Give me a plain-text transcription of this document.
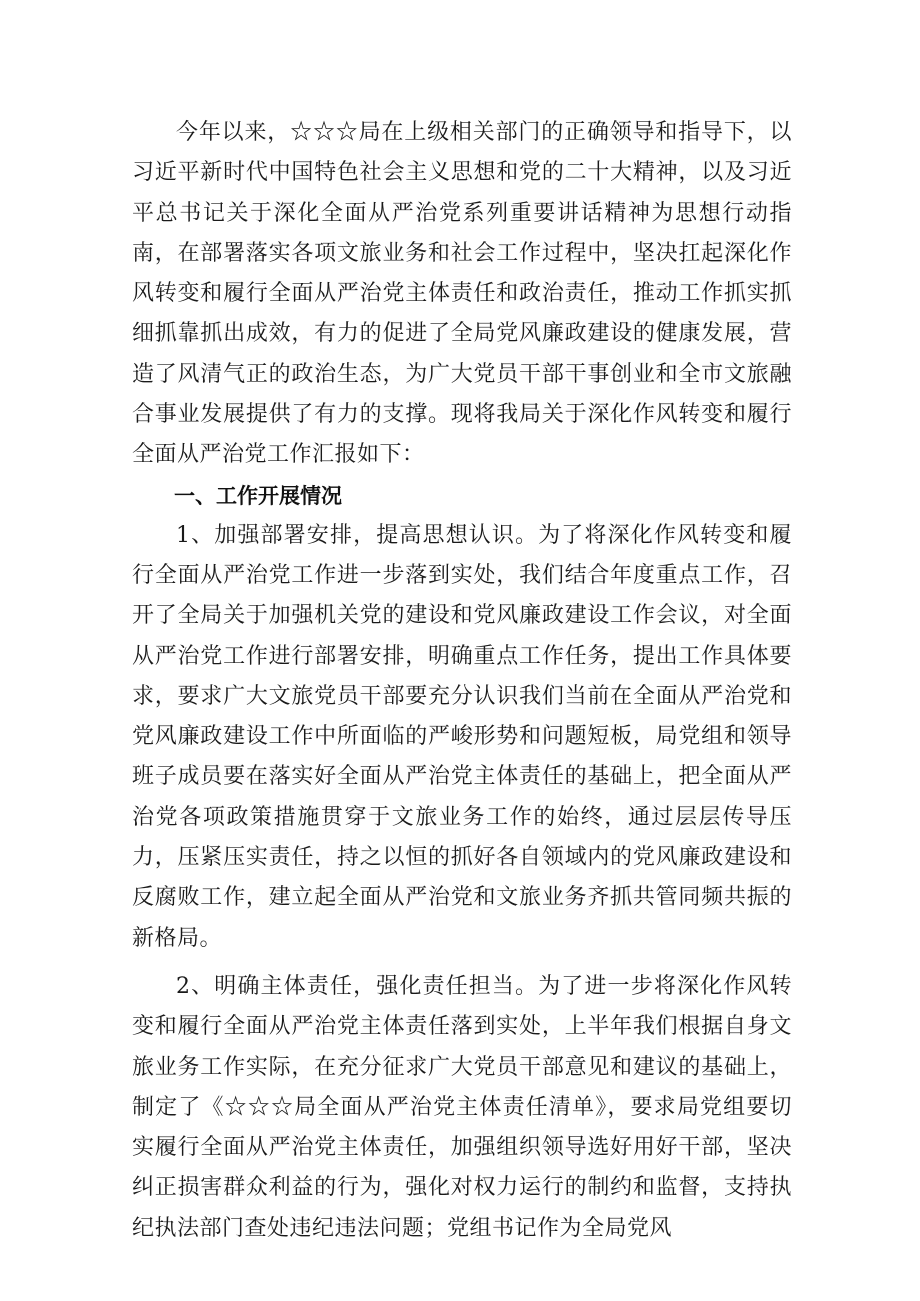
今年以来，☆☆☆局在上级相关部门的正确领导和指导下，以习近平新时代中国特色社会主义思想和党的二十大精神，以及习近平总书记关于深化全面从严治党系列重要讲话精神为思想行动指南，在部署落实各项文旅业务和社会工作过程中，坚决扛起深化作风转变和履行全面从严治党主体责任和政治责任，推动工作抓实抓细抓靠抓出成效，有力的促进了全局党风廉政建设的健康发展，营造了风清气正的政治生态，为广大党员干部干事创业和全市文旅融合事业发展提供了有力的支撑。现将我局关于深化作风转变和履行全面从严治党工作汇报如下：

一、工作开展情况

1、加强部署安排，提高思想认识。为了将深化作风转变和履行全面从严治党工作进一步落到实处，我们结合年度重点工作，召开了全局关于加强机关党的建设和党风廉政建设工作会议，对全面从严治党工作进行部署安排，明确重点工作任务，提出工作具体要求，要求广大文旅党员干部要充分认识我们当前在全面从严治党和党风廉政建设工作中所面临的严峻形势和问题短板，局党组和领导班子成员要在落实好全面从严治党主体责任的基础上，把全面从严治党各项政策措施贯穿于文旅业务工作的始终，通过层层传导压力，压紧压实责任，持之以恒的抓好各自领域内的党风廉政建设和反腐败工作，建立起全面从严治党和文旅业务齐抓共管同频共振的新格局。

2、明确主体责任，强化责任担当。为了进一步将深化作风转变和履行全面从严治党主体责任落到实处，上半年我们根据自身文旅业务工作实际，在充分征求广大党员干部意见和建议的基础上，制定了《☆☆☆局全面从严治党主体责任清单》，要求局党组要切实履行全面从严治党主体责任，加强组织领导选好用好干部，坚决纠正损害群众利益的行为，强化对权力运行的制约和监督，支持执纪执法部门查处违纪违法问题；党组书记作为全局党风
